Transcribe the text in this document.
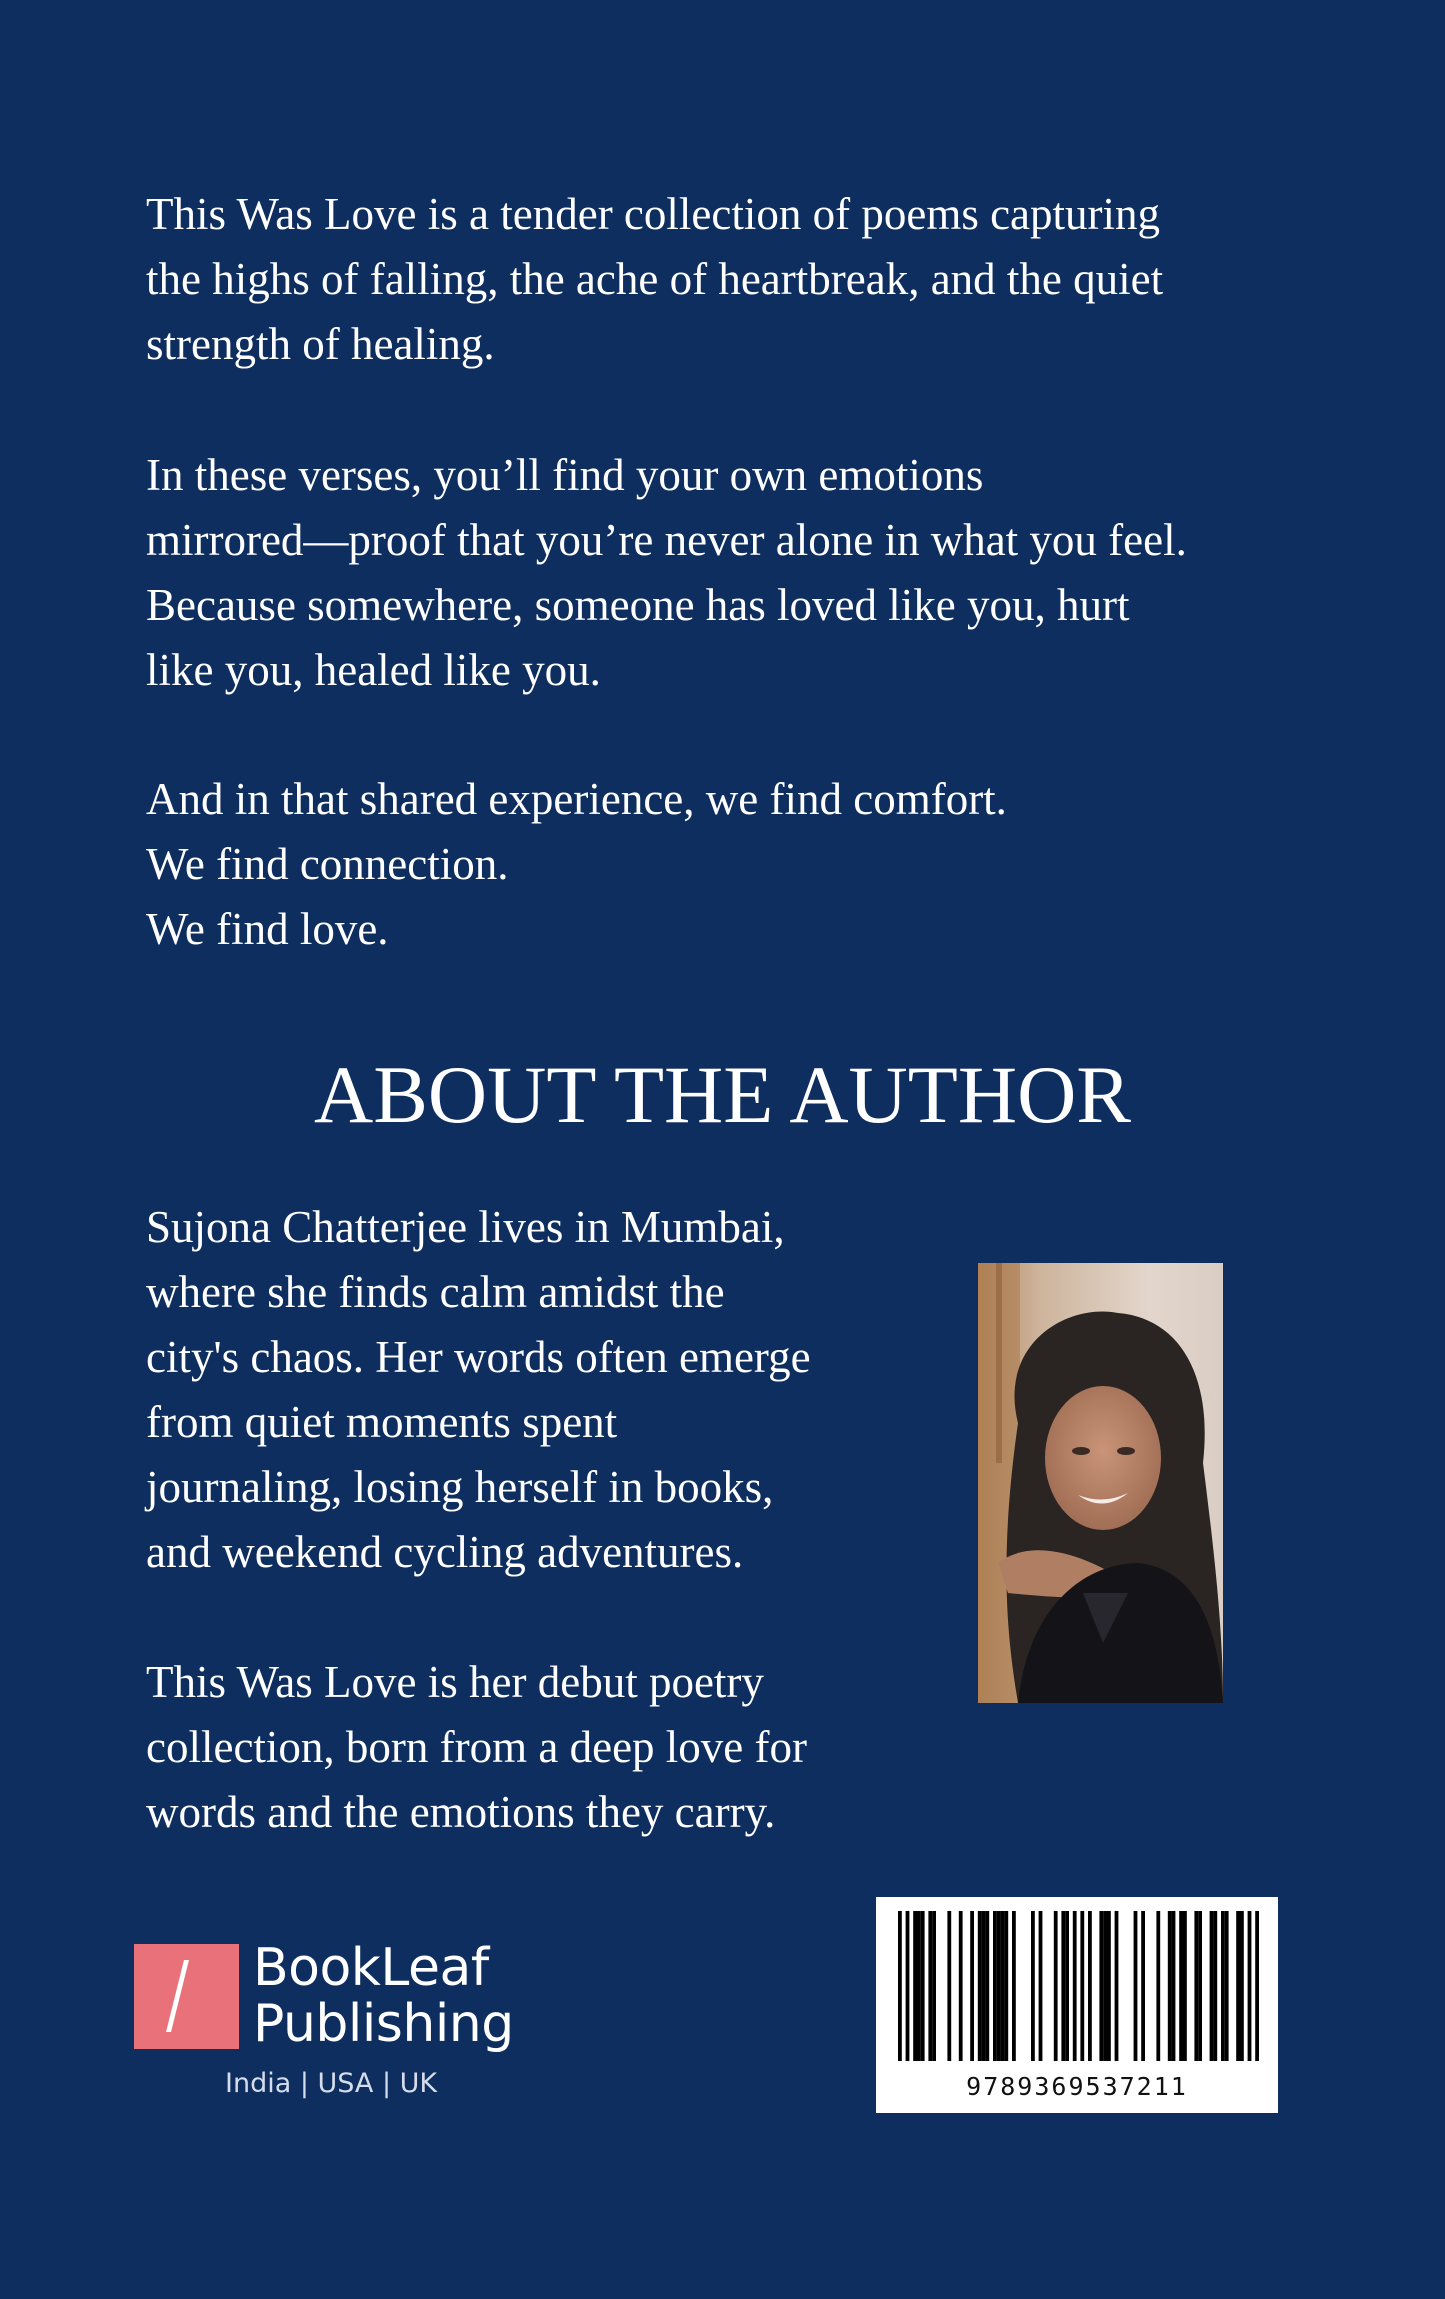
This Was Love is a tender collection of poems capturing
the highs of falling, the ache of heartbreak, and the quiet
strength of healing.
In these verses, you’ll find your own emotions
mirrored—proof that you’re never alone in what you feel.
Because somewhere, someone has loved like you, hurt
like you, healed like you.
And in that shared experience, we find comfort.
We find connection.
We find love.
ABOUT THE AUTHOR
Sujona Chatterjee lives in Mumbai,
where she finds calm amidst the
city's chaos. Her words often emerge
from quiet moments spent
journaling, losing herself in books,
and weekend cycling adventures.
This Was Love is her debut poetry
collection, born from a deep love for
words and the emotions they carry.
BookLeaf
Publishing
India | USA | UK	9789369537211
